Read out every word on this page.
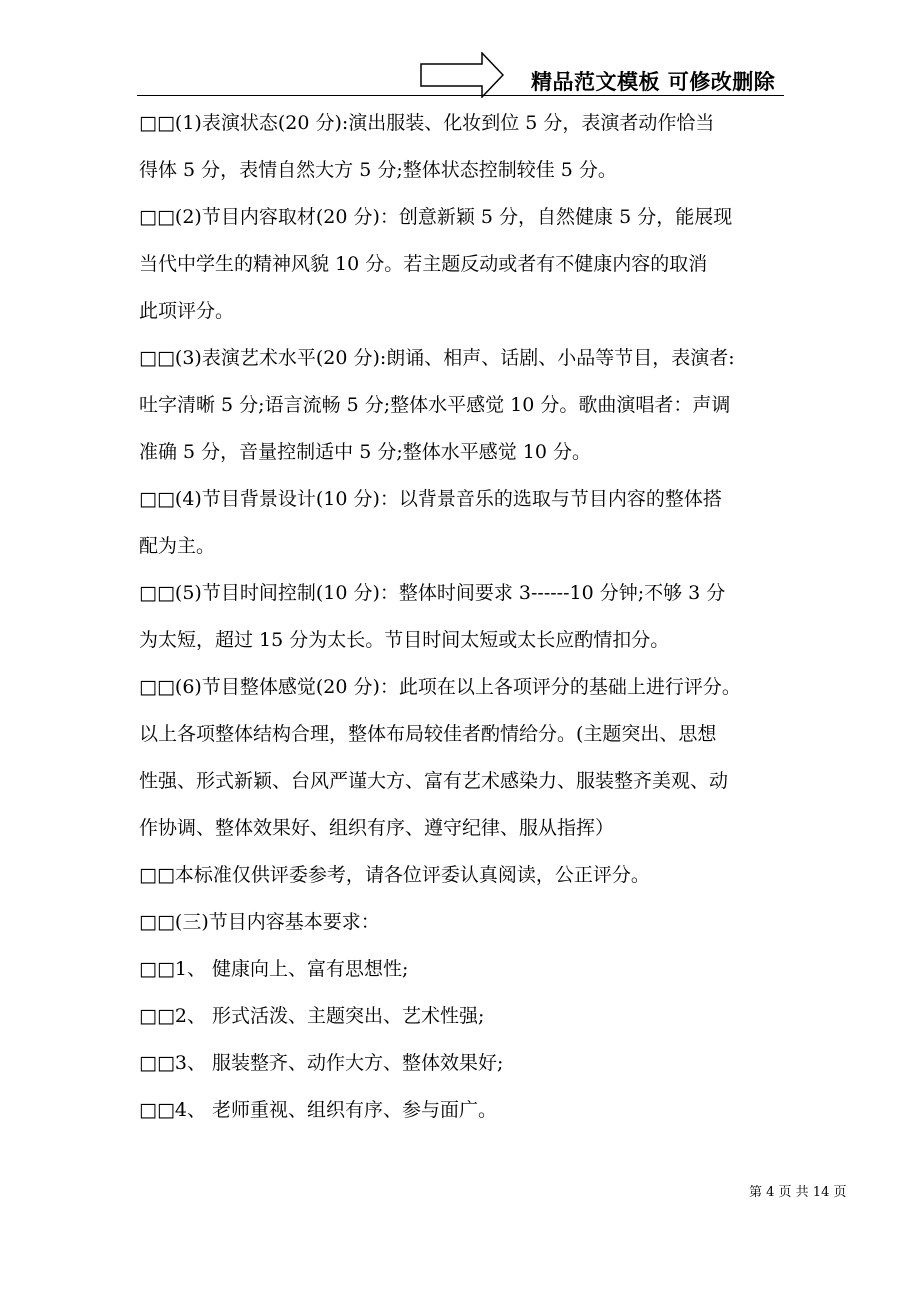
精品范文模板 可修改删除
□□(1)表演状态(20 分):演出服装、化妆到位 5 分，表演者动作恰当
得体 5 分，表情自然大方 5 分;整体状态控制较佳 5 分。
□□(2)节目内容取材(20 分)：创意新颖 5 分，自然健康 5 分，能展现
当代中学生的精神风貌 10 分。若主题反动或者有不健康内容的取消
此项评分。
□□(3)表演艺术水平(20 分):朗诵、相声、话剧、小品等节目，表演者:
吐字清晰 5 分;语言流畅 5 分;整体水平感觉 10 分。歌曲演唱者：声调
准确 5 分，音量控制适中 5 分;整体水平感觉 10 分。
□□(4)节目背景设计(10 分)：以背景音乐的选取与节目内容的整体搭
配为主。
□□(5)节目时间控制(10 分)：整体时间要求 3------10 分钟;不够 3 分
为太短，超过 15 分为太长。节目时间太短或太长应酌情扣分。
□□(6)节目整体感觉(20 分)：此项在以上各项评分的基础上进行评分。
以上各项整体结构合理，整体布局较佳者酌情给分。(主题突出、思想
性强、形式新颖、台风严谨大方、富有艺术感染力、服装整齐美观、动
作协调、整体效果好、组织有序、遵守纪律、服从指挥）
□□本标准仅供评委参考，请各位评委认真阅读，公正评分。
□□(三)节目内容基本要求：
□□1、 健康向上、富有思想性;
□□2、 形式活泼、主题突出、艺术性强;
□□3、 服装整齐、动作大方、整体效果好;
□□4、 老师重视、组织有序、参与面广。
第 4 页 共 14 页
